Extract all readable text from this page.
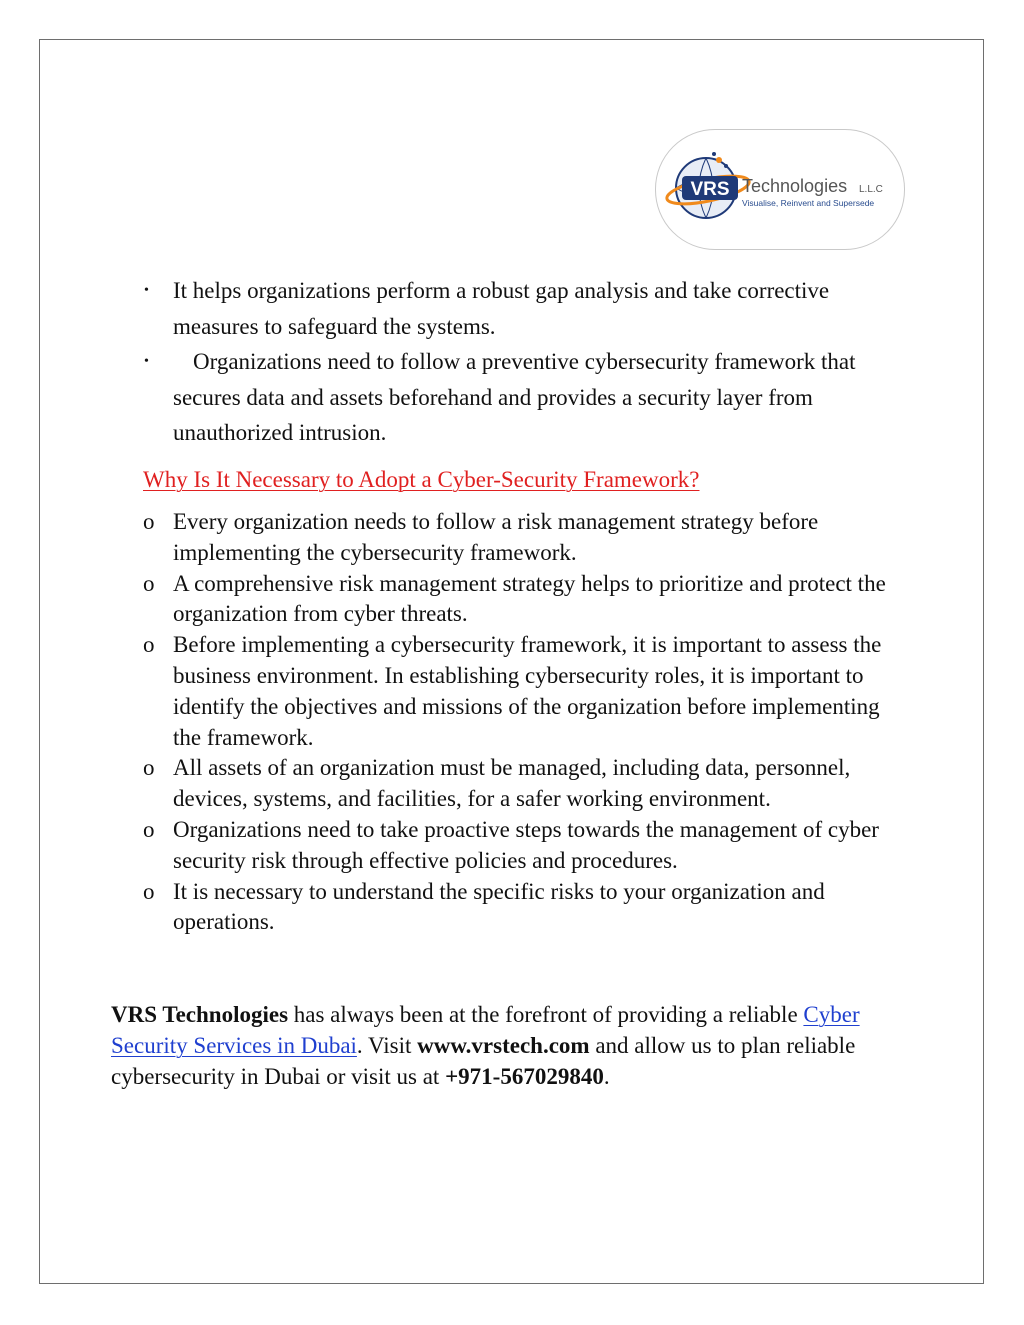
VRS Technologies L.L.C
Visualise, Reinvent and Supersede
• It helps organizations perform a robust gap analysis and take corrective measures to safeguard the systems.
• Organizations need to follow a preventive cybersecurity framework that secures data and assets beforehand and provides a security layer from unauthorized intrusion.
Why Is It Necessary to Adopt a Cyber-Security Framework?
o Every organization needs to follow a risk management strategy before implementing the cybersecurity framework.
o A comprehensive risk management strategy helps to prioritize and protect the organization from cyber threats.
o Before implementing a cybersecurity framework, it is important to assess the business environment. In establishing cybersecurity roles, it is important to identify the objectives and missions of the organization before implementing the framework.
o All assets of an organization must be managed, including data, personnel, devices, systems, and facilities, for a safer working environment.
o Organizations need to take proactive steps towards the management of cyber security risk through effective policies and procedures.
o It is necessary to understand the specific risks to your organization and operations.

VRS Technologies has always been at the forefront of providing a reliable Cyber Security Services in Dubai. Visit www.vrstech.com and allow us to plan reliable cybersecurity in Dubai or visit us at +971-567029840.
